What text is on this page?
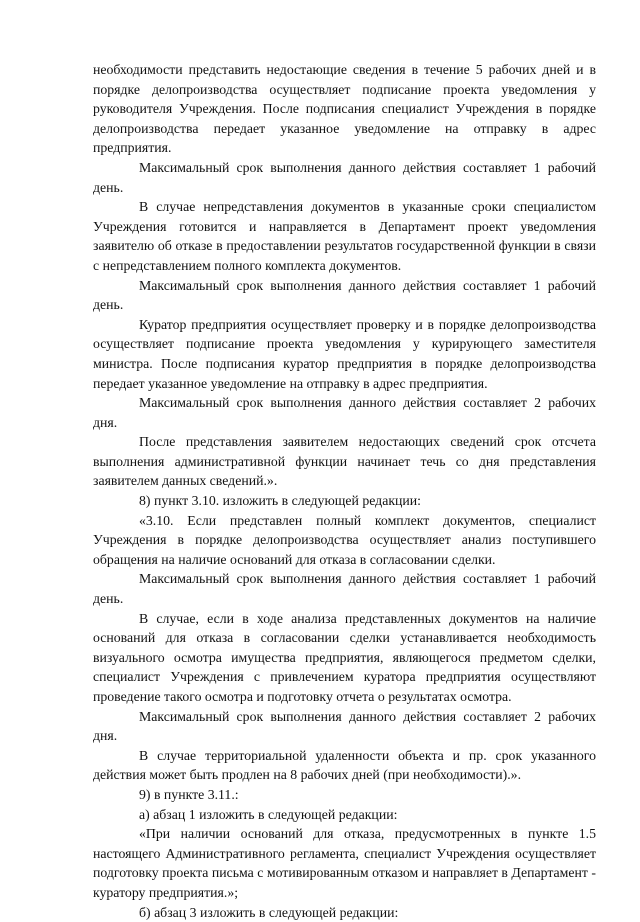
необходимости представить недостающие сведения в течение 5 рабочих дней и в порядке делопроизводства осуществляет подписание проекта уведомления у руководителя Учреждения. После подписания специалист Учреждения в порядке делопроизводства передает указанное уведомление на отправку в адрес предприятия.

Максимальный срок выполнения данного действия составляет 1 рабочий день.

В случае непредставления документов в указанные сроки специалистом Учреждения готовится и направляется в Департамент проект уведомления заявителю об отказе в предоставлении результатов государственной функции в связи с непредставлением полного комплекта документов.

Максимальный срок выполнения данного действия составляет 1 рабочий день.

Куратор предприятия осуществляет проверку и в порядке делопроизводства осуществляет подписание проекта уведомления у курирующего заместителя министра. После подписания куратор предприятия в порядке делопроизводства передает указанное уведомление на отправку в адрес предприятия.

Максимальный срок выполнения данного действия составляет 2 рабочих дня.

После представления заявителем недостающих сведений срок отсчета выполнения административной функции начинает течь со дня представления заявителем данных сведений.».

8) пункт 3.10. изложить в следующей редакции:

«3.10. Если представлен полный комплект документов, специалист Учреждения в порядке делопроизводства осуществляет анализ поступившего обращения на наличие оснований для отказа в согласовании сделки.

Максимальный срок выполнения данного действия составляет 1 рабочий день.

В случае, если в ходе анализа представленных документов на наличие оснований для отказа в согласовании сделки устанавливается необходимость визуального осмотра имущества предприятия, являющегося предметом сделки, специалист Учреждения с привлечением куратора предприятия осуществляют проведение такого осмотра и подготовку отчета о результатах осмотра.

Максимальный срок выполнения данного действия составляет 2 рабочих дня.

В случае территориальной удаленности объекта и пр. срок указанного действия может быть продлен на 8 рабочих дней (при необходимости).».

9) в пункте 3.11.:

а) абзац 1 изложить в следующей редакции:

«При наличии оснований для отказа, предусмотренных в пункте 1.5 настоящего Административного регламента, специалист Учреждения осуществляет подготовку проекта письма с мотивированным отказом и направляет в Департамент - куратору предприятия.»;

б) абзац 3 изложить в следующей редакции:
